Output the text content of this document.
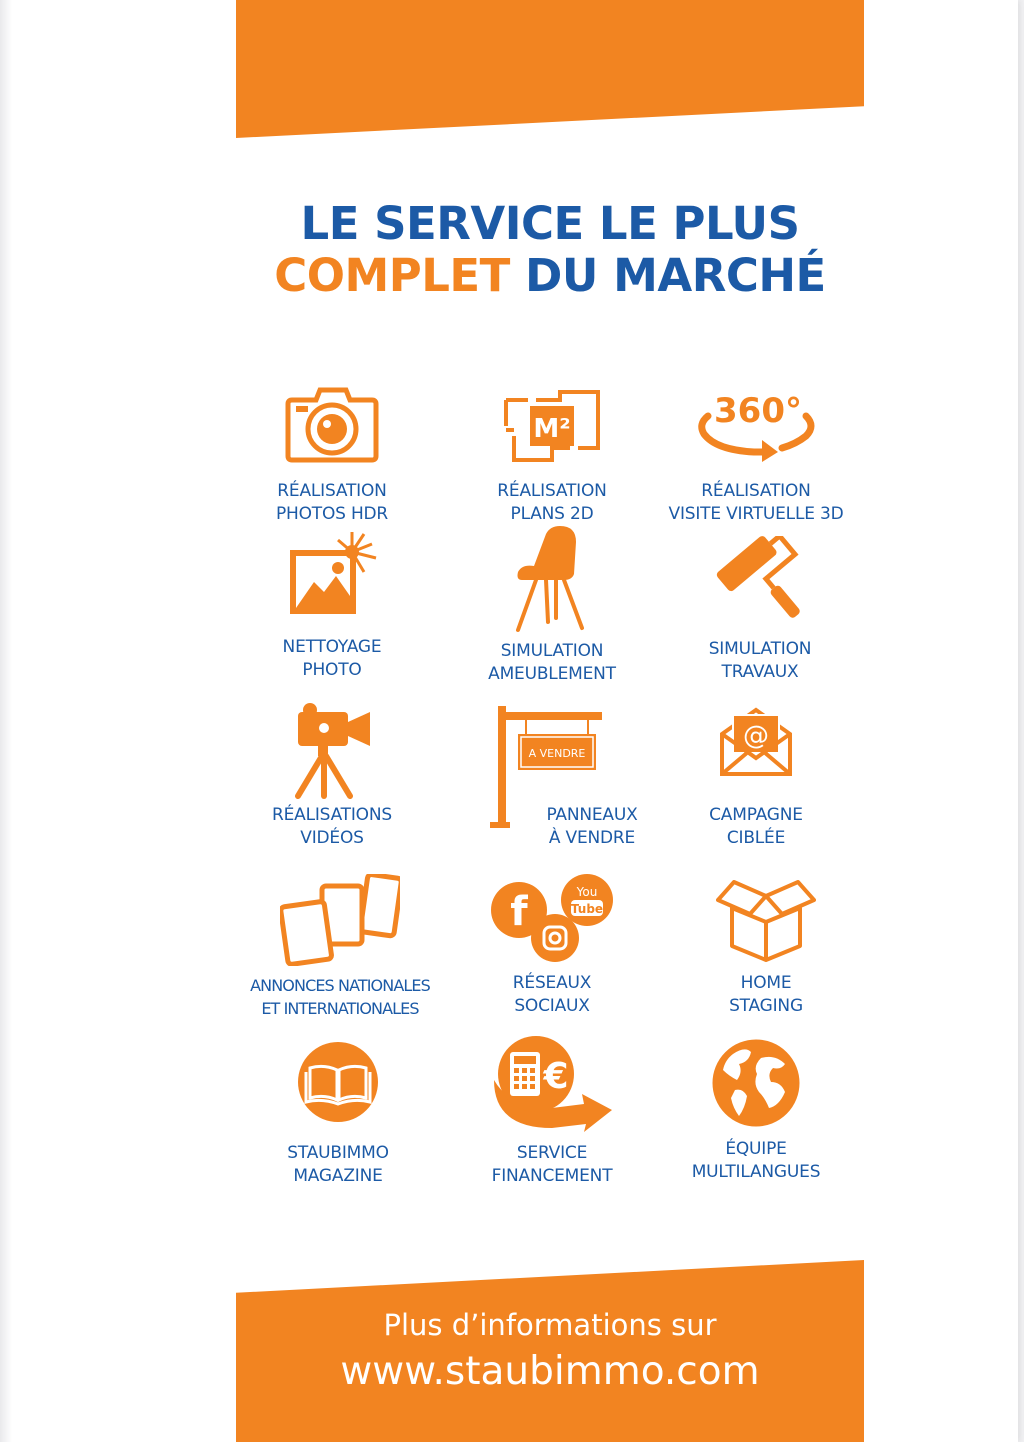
LE SERVICE LE PLUS
COMPLET DU MARCHÉ
RÉALISATION
PHOTOS HDR
M²
RÉALISATION
PLANS 2D
360°
RÉALISATION
VISITE VIRTUELLE 3D
NETTOYAGE
PHOTO
SIMULATION
AMEUBLEMENT
SIMULATION
TRAVAUX
RÉALISATIONS
VIDÉOS
A VENDRE
PANNEAUX
À VENDRE
@
CAMPAGNE
CIBLÉE
ANNONCES NATIONALES
ET INTERNATIONALES
f	You
Tube
RÉSEAUX
SOCIAUX
HOME
STAGING
STAUBIMMO
MAGAZINE
€
SERVICE
FINANCEMENT
ÉQUIPE
MULTILANGUES
Plus d’informations sur
www.staubimmo.com
